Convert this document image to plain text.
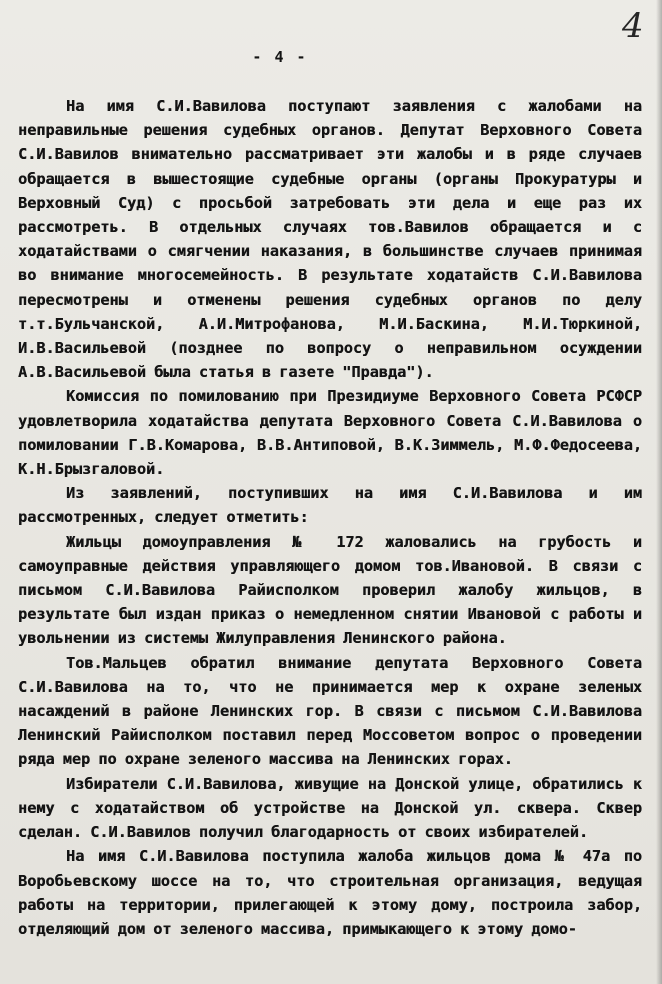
- 4 -
4

На имя С.И.Вавилова поступают заявления с жалобами на неправильные решения судебных органов. Депутат Верховного Совета С.И.Вавилов внимательно рассматривает эти жалобы и в ряде случаев обращается в вышестоящие судебные органы (органы Прокуратуры и Верховный Суд) с просьбой затребовать эти дела и еще раз их рассмотреть. В отдельных случаях тов.Вавилов обращается и с ходатайствами о смягчении наказания, в большинстве случаев принимая во внимание многосемейность. В результате ходатайств С.И.Вавилова пересмотрены и отменены решения судебных органов по делу т.т.Бульчанской, А.И.Митрофанова, М.И.Баскина, М.И.Тюркиной, И.В.Васильевой (позднее по вопросу о неправильном осуждении А.В.Васильевой была статья в газете "Правда").

Комиссия по помилованию при Президиуме Верховного Совета РСФСР удовлетворила ходатайства депутата Верховного Совета С.И.Вавилова о помиловании Г.В.Комарова, В.В.Антиповой, В.К.Зиммель, М.Ф.Федосеева, К.Н.Брызгаловой.

Из заявлений, поступивших на имя С.И.Вавилова и им рассмотренных, следует отметить:

Жильцы домоуправления № 172 жаловались на грубость и самоуправные действия управляющего домом тов.Ивановой. В связи с письмом С.И.Вавилова Райисполком проверил жалобу жильцов, в результате был издан приказ о немедленном снятии Ивановой с работы и увольнении из системы Жилуправления Ленинского района.

Тов.Мальцев обратил внимание депутата Верховного Совета С.И.Вавилова на то, что не принимается мер к охране зеленых насаждений в районе Ленинских гор. В связи с письмом С.И.Вавилова Ленинский Райисполком поставил перед Моссоветом вопрос о проведении ряда мер по охране зеленого массива на Ленинских горах.

Избиратели С.И.Вавилова, живущие на Донской улице, обратились к нему с ходатайством об устройстве на Донской ул. сквера. Сквер сделан. С.И.Вавилов получил благодарность от своих избирателей.

На имя С.И.Вавилова поступила жалоба жильцов дома № 47а по Воробьевскому шоссе на то, что строительная организация, ведущая работы на территории, прилегающей к этому дому, построила забор, отделяющий дом от зеленого массива, примыкающего к этому домо-
